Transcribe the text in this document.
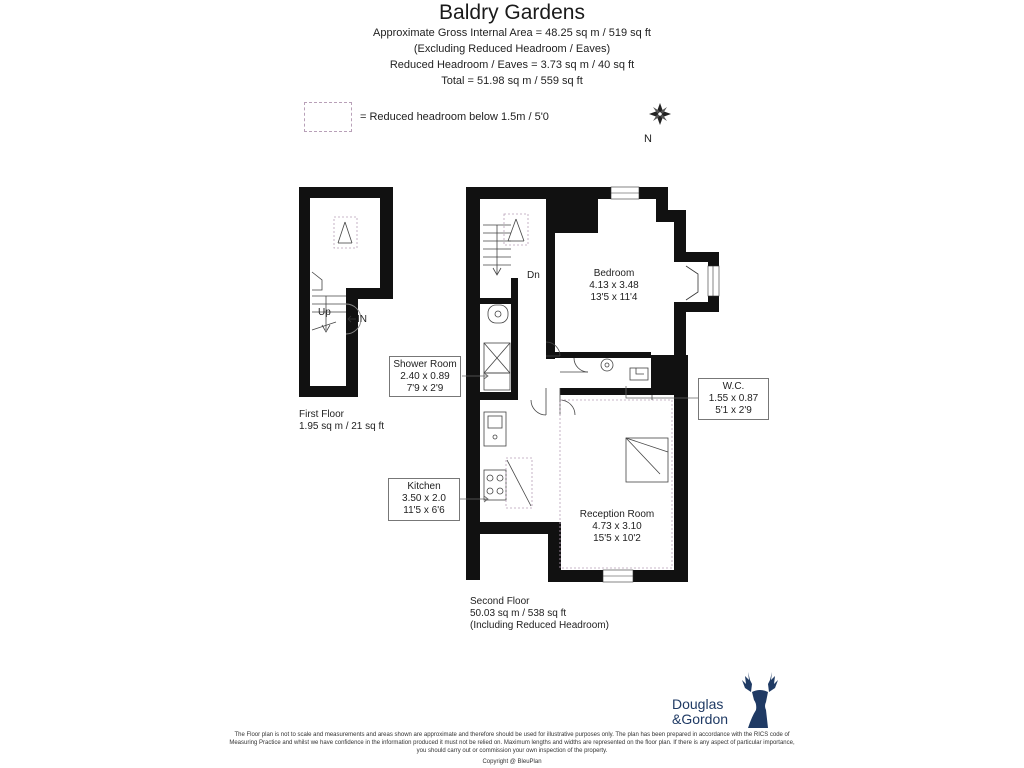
Baldry Gardens
Approximate Gross Internal Area = 48.25 sq m / 519 sq ft
(Excluding Reduced Headroom / Eaves)
Reduced Headroom / Eaves = 3.73 sq m / 40 sq ft
Total = 51.98 sq m / 559 sq ft
= Reduced headroom below 1.5m / 5'0
Up
IN
Dn	Bedroom
4.13 x 3.48
13'5 x 11'4
Reception Room
4.73 x 3.10
15'5 x 10'2
Shower Room
2.40 x 0.89
7'9 x 2'9
Kitchen
3.50 x 2.0
11'5 x 6'6
W.C.
1.55 x 0.87
5'1 x 2'9
N
First Floor
1.95 sq m / 21 sq ft
Second Floor
50.03 sq m / 538 sq ft
(Including Reduced Headroom)
Douglas
&Gordon
The Floor plan is not to scale and measurements and areas shown are approximate and therefore should be used for illustrative purposes only. The plan has been prepared in accordance with the RICS code of Measuring Practice and whilst we have confidence in the information produced it must not be relied on. Maximum lengths and widths are represented on the floor plan. If there is any aspect of particular importance, you should carry out or commission your own inspection of the property.
Copyright @ BleuPlan
